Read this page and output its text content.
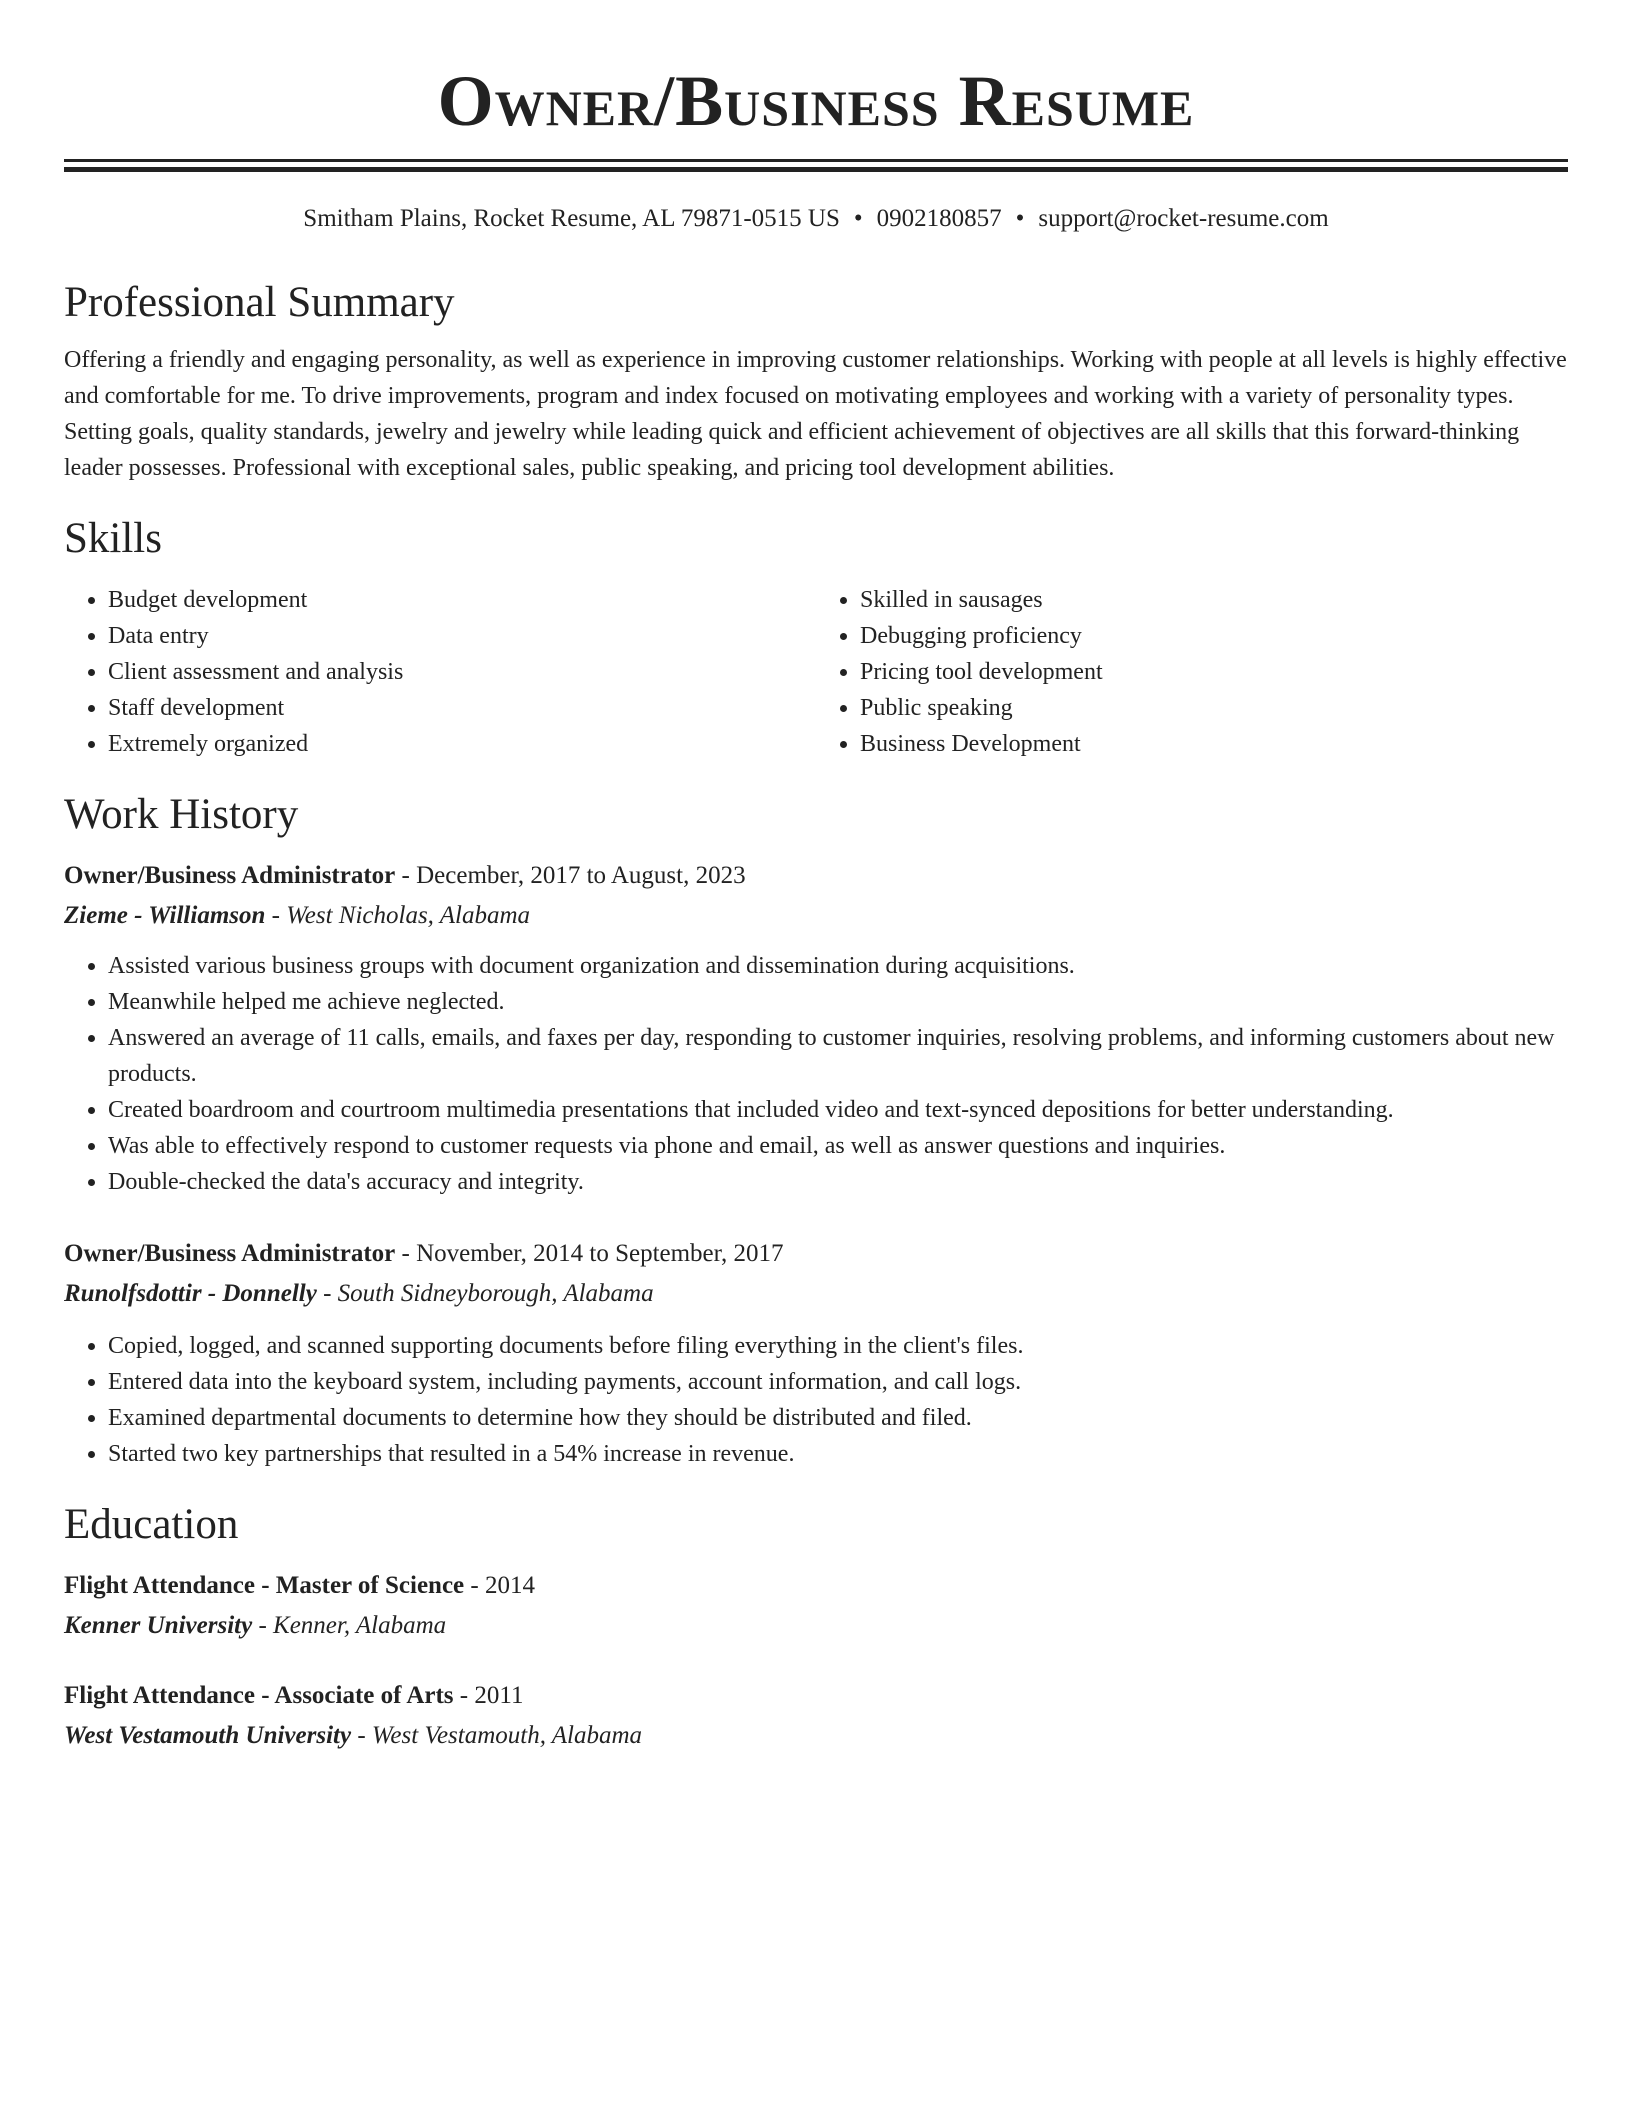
Owner/Business Resume
Smitham Plains, Rocket Resume, AL 79871-0515 US • 0902180857 • support@rocket-resume.com
Professional Summary

Offering a friendly and engaging personality, as well as experience in improving customer relationships. Working with people at all levels is highly effective and comfortable for me. To drive improvements, program and index focused on motivating employees and working with a variety of personality types. Setting goals, quality standards, jewelry and jewelry while leading quick and efficient achievement of objectives are all skills that this forward-thinking leader possesses. Professional with exceptional sales, public speaking, and pricing tool development abilities.

Skills
• Budget development
• Data entry
• Client assessment and analysis
• Staff development
• Extremely organized
• Skilled in sausages
• Debugging proficiency
• Pricing tool development
• Public speaking
• Business Development
Work History

Owner/Business Administrator - December, 2017 to August, 2023

Zieme - Williamson - West Nicholas, Alabama

• Assisted various business groups with document organization and dissemination during acquisitions.
• Meanwhile helped me achieve neglected.
• Answered an average of 11 calls, emails, and faxes per day, responding to customer inquiries, resolving problems, and informing customers about new products.
• Created boardroom and courtroom multimedia presentations that included video and text-synced depositions for better understanding.
• Was able to effectively respond to customer requests via phone and email, as well as answer questions and inquiries.
• Double-checked the data's accuracy and integrity.

Owner/Business Administrator - November, 2014 to September, 2017

Runolfsdottir - Donnelly - South Sidneyborough, Alabama

• Copied, logged, and scanned supporting documents before filing everything in the client's files.
• Entered data into the keyboard system, including payments, account information, and call logs.
• Examined departmental documents to determine how they should be distributed and filed.
• Started two key partnerships that resulted in a 54% increase in revenue.
Education

Flight Attendance - Master of Science - 2014

Kenner University - Kenner, Alabama

Flight Attendance - Associate of Arts - 2011

West Vestamouth University - West Vestamouth, Alabama
